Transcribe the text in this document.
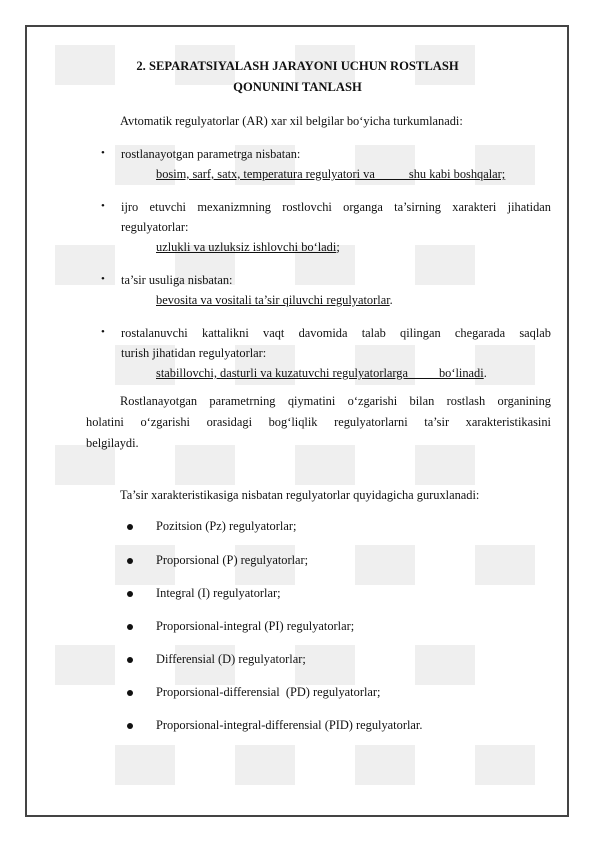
2. SEPARATSIYALASH JARAYONI UCHUN ROSTLASH
QONUNINI TANLASH
Avtomatik regulyatorlar (AR) xar xil belgilar bo‘yicha turkumlanadi:
• rostlanayotgan parametrga nisbatan:
bosim, sarf, satx, temperatura regulyatori va           shu kabi boshqalar;
• ijro etuvchi mexanizmning rostlovchi organga ta’sirning xarakteri jihatidan
regulyatorlar:
uzlukli va uzluksiz ishlovchi bo‘ladi;
• ta’sir usuliga nisbatan:
bevosita va vositali ta’sir qiluvchi regulyatorlar.
• rostalanuvchi kattalikni vaqt davomida talab qilingan chegarada saqlab
turish jihatidan regulyatorlar:
stabillovchi, dasturli va kuzatuvchi regulyatorlarga          bo‘linadi.
Rostlanayotgan parametrning qiymatini o‘zgarishi bilan rostlash organining
holatini o‘zgarishi orasidagi bog‘liqlik regulyatorlarni ta’sir xarakteristikasini
belgilaydi.
Ta’sir xarakteristikasiga nisbatan regulyatorlar quyidagicha guruxlanadi:
Pozitsion (Pz) regulyatorlar;
Proporsional (P) regulyatorlar;
Integral (I) regulyatorlar;
Proporsional-integral (PI) regulyatorlar;
Differensial (D) regulyatorlar;
Proporsional-differensial  (PD) regulyatorlar;
Proporsional-integral-differensial (PID) regulyatorlar.
